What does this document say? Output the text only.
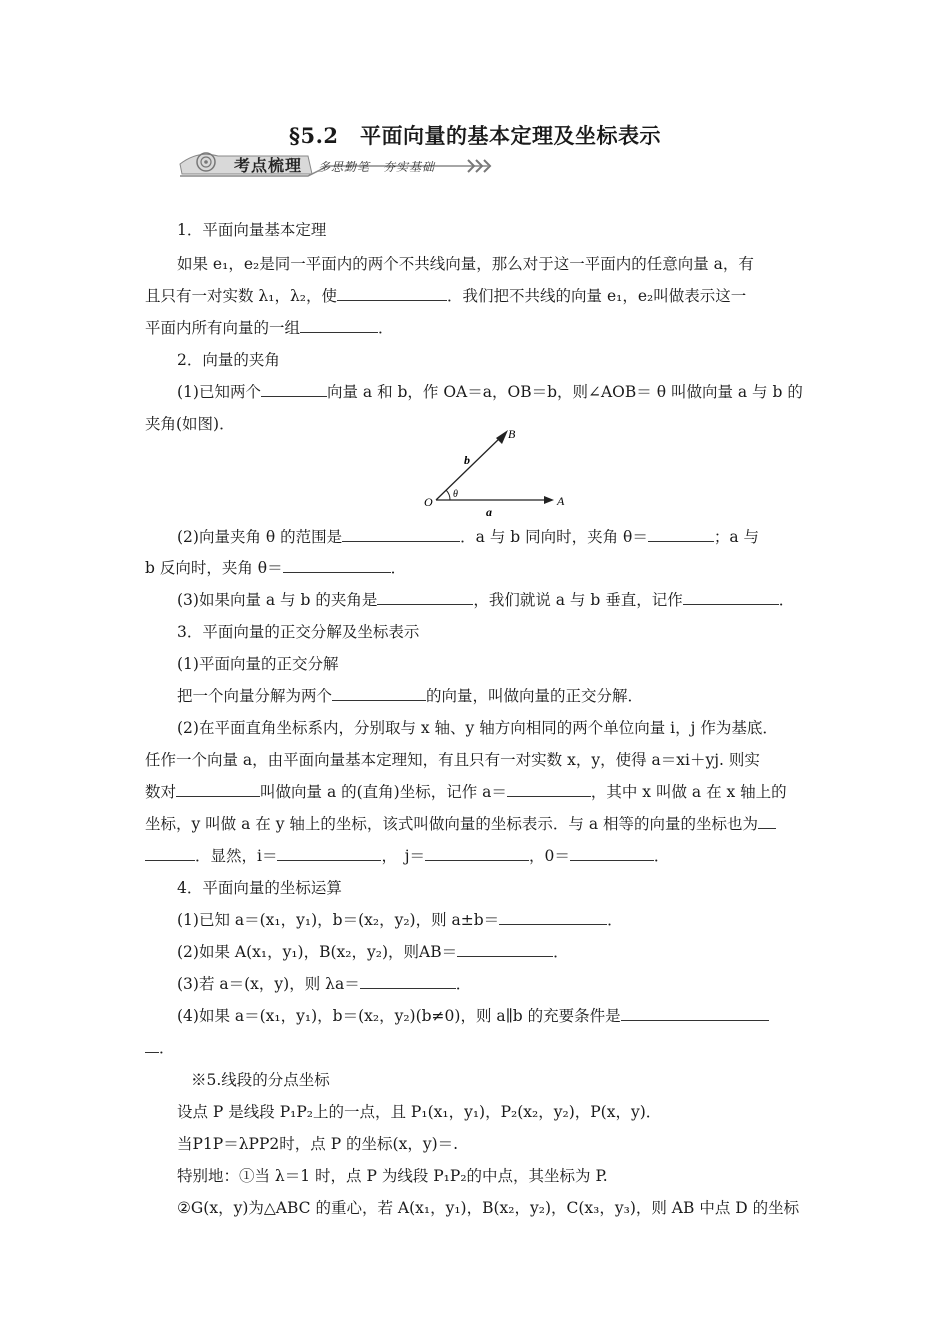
§5.2　平面向量的基本定理及坐标表示
考点梳理 多思勤笔　夯实基础
1．平面向量基本定理
如果 e₁，e₂是同一平面内的两个不共线向量，那么对于这一平面内的任意向量 a，有
且只有一对实数 λ₁，λ₂，使	．我们把不共线的向量 e₁，e₂叫做表示这一
平面内所有向量的一组	．
2．向量的夹角
(1)已知两个	向量 a 和 b，作 OA＝a，OB＝b，则∠AOB＝ θ 叫做向量 a 与 b 的
夹角(如图)．
O	A
B
a
b
θ
(2)向量夹角 θ 的范围是	．a 与 b 同向时，夹角 θ＝	；a 与
b 反向时，夹角 θ＝	．
(3)如果向量 a 与 b 的夹角是	，我们就说 a 与 b 垂直，记作	．
3．平面向量的正交分解及坐标表示
(1)平面向量的正交分解
把一个向量分解为两个	的向量，叫做向量的正交分解．
(2)在平面直角坐标系内，分别取与 x 轴、y 轴方向相同的两个单位向量 i，j 作为基底．
任作一个向量 a，由平面向量基本定理知，有且只有一对实数 x，y，使得 a＝xi＋yj. 则实
数对	叫做向量 a 的(直角)坐标，记作 a＝	，其中 x 叫做 a 在 x 轴上的
坐标，y 叫做 a 在 y 轴上的坐标，该式叫做向量的坐标表示．与 a 相等的向量的坐标也为
．显然，i＝	，　j＝	，0＝	．
4．平面向量的坐标运算
(1)已知 a＝(x₁，y₁)，b＝(x₂，y₂)，则 a±b＝	．
(2)如果 A(x₁，y₁)，B(x₂，y₂)，则AB＝	．
(3)若 a＝(x，y)，则 λa＝	．
(4)如果 a＝(x₁，y₁)，b＝(x₂，y₂)(b≠0)，则 a∥b 的充要条件是
．
※5.线段的分点坐标
设点 P 是线段 P₁P₂上的一点，且 P₁(x₁，y₁)，P₂(x₂，y₂)，P(x，y)．
当P1P＝λPP2时，点 P 的坐标(x，y)＝.
特别地：①当 λ＝1 时，点 P 为线段 P₁P₂的中点，其坐标为 P.
②G(x，y)为△ABC 的重心，若 A(x₁，y₁)，B(x₂，y₂)，C(x₃，y₃)，则 AB 中点 D 的坐标
